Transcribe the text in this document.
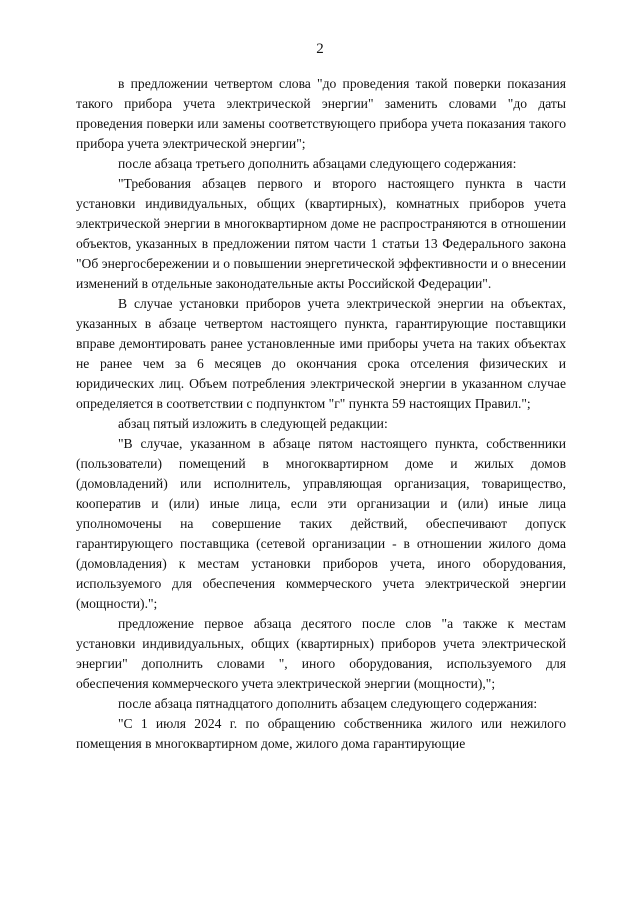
2

в предложении четвертом слова "до проведения такой поверки показания такого прибора учета электрической энергии" заменить словами "до даты проведения поверки или замены соответствующего прибора учета показания такого прибора учета электрической энергии";

после абзаца третьего дополнить абзацами следующего содержания:

"Требования абзацев первого и второго настоящего пункта в части установки индивидуальных, общих (квартирных), комнатных приборов учета электрической энергии в многоквартирном доме не распространяются в отношении объектов, указанных в предложении пятом части 1 статьи 13 Федерального закона "Об энергосбережении и о повышении энергетической эффективности и о внесении изменений в отдельные законодательные акты Российской Федерации".

В случае установки приборов учета электрической энергии на объектах, указанных в абзаце четвертом настоящего пункта, гарантирующие поставщики вправе демонтировать ранее установленные ими приборы учета на таких объектах не ранее чем за 6 месяцев до окончания срока отселения физических и юридических лиц. Объем потребления электрической энергии в указанном случае определяется в соответствии с подпунктом "г" пункта 59 настоящих Правил.";

абзац пятый изложить в следующей редакции:

"В случае, указанном в абзаце пятом настоящего пункта, собственники (пользователи) помещений в многоквартирном доме и жилых домов (домовладений) или исполнитель, управляющая организация, товарищество, кооператив и (или) иные лица, если эти организации и (или) иные лица уполномочены на совершение таких действий, обеспечивают допуск гарантирующего поставщика (сетевой организации - в отношении жилого дома (домовладения) к местам установки приборов учета, иного оборудования, используемого для обеспечения коммерческого учета электрической энергии (мощности).";

предложение первое абзаца десятого после слов "а также к местам установки индивидуальных, общих (квартирных) приборов учета электрической энергии" дополнить словами ", иного оборудования, используемого для обеспечения коммерческого учета электрической энергии (мощности),";

после абзаца пятнадцатого дополнить абзацем следующего содержания:

"С 1 июля 2024 г. по обращению собственника жилого или нежилого помещения в многоквартирном доме, жилого дома гарантирующие
